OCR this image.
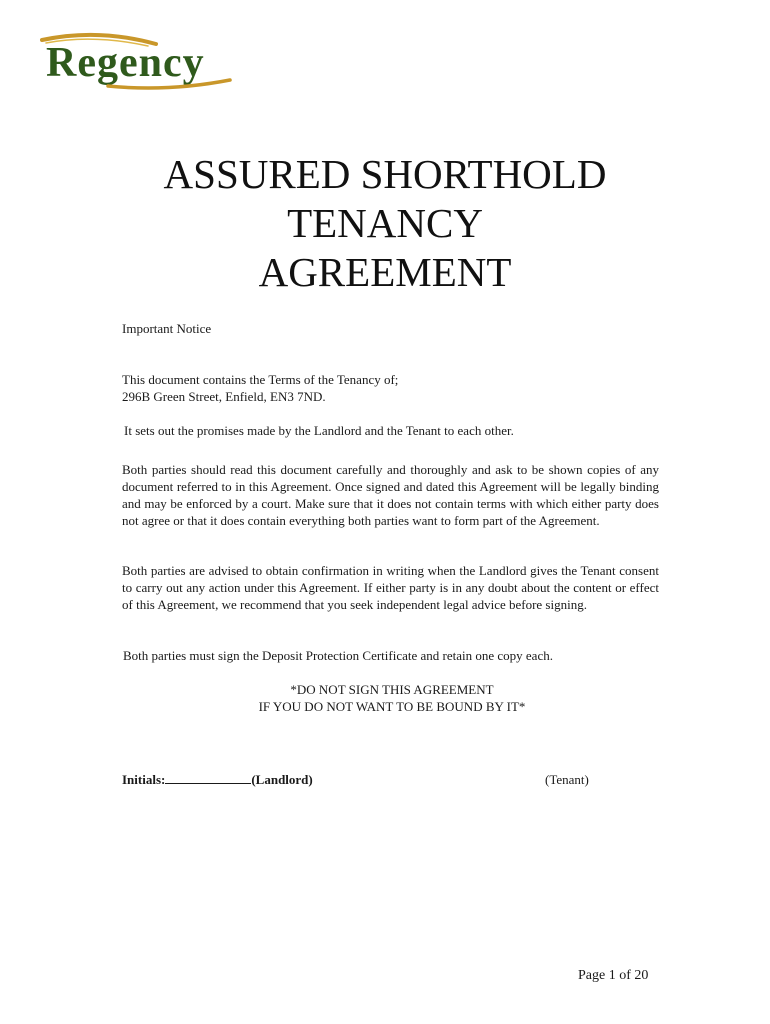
Regency
ASSURED SHORTHOLD
TENANCY
AGREEMENT

Important Notice

This document contains the Terms of the Tenancy of;
296B Green Street, Enfield, EN3 7ND.

It sets out the promises made by the Landlord and the Tenant to each other.

Both parties should read this document carefully and thoroughly and ask to be shown copies of any document referred to in this Agreement. Once signed and dated this Agreement will be legally binding and may be enforced by a court. Make sure that it does not contain terms with which either party does not agree or that it does contain everything both parties want to form part of the Agreement.

Both parties are advised to obtain confirmation in writing when the Landlord gives the Tenant consent to carry out any action under this Agreement. If either party is in any doubt about the content or effect of this Agreement, we recommend that you seek independent legal advice before signing.

Both parties must sign the Deposit Protection Certificate and retain one copy each.

*DO NOT SIGN THIS AGREEMENT
IF YOU DO NOT WANT TO BE BOUND BY IT*
Initials:	(Landlord)	(Tenant)
Page 1 of 20
